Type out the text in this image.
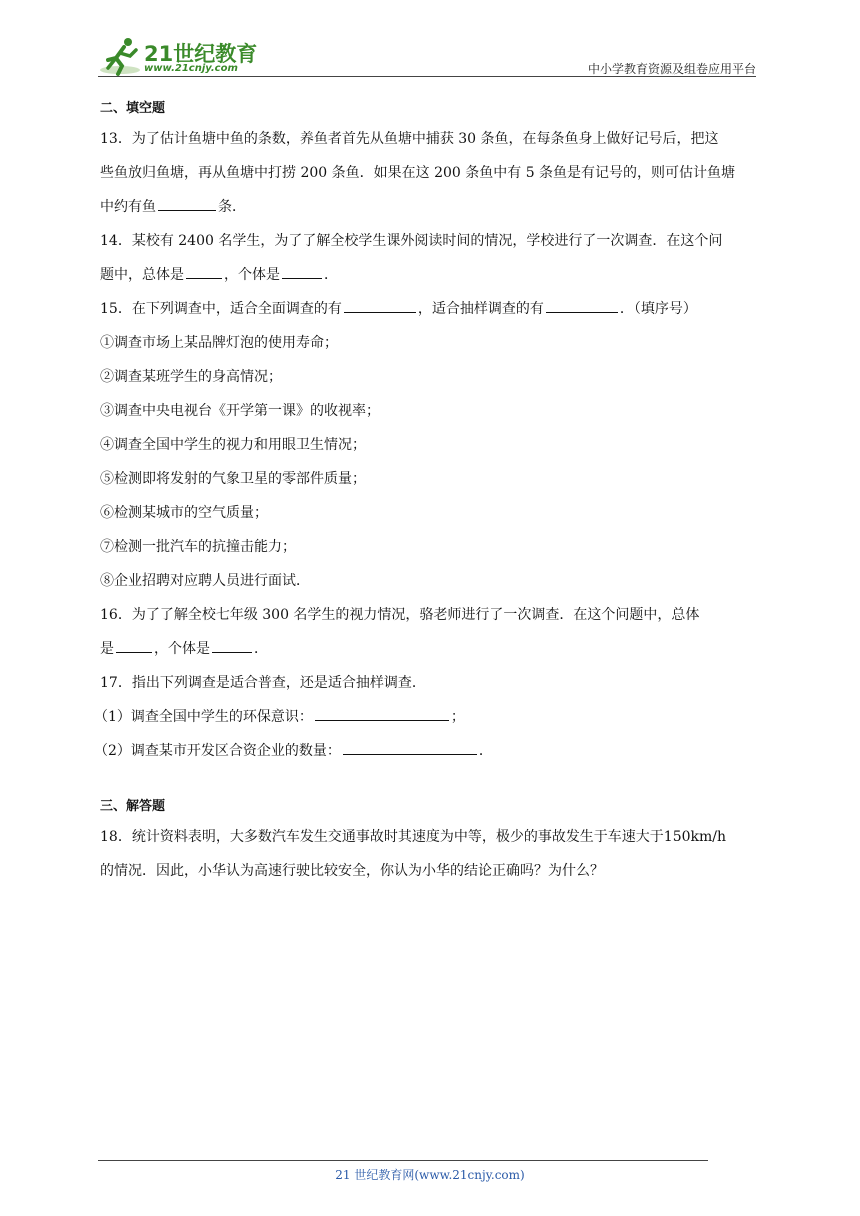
21世纪教育
www.21cnjy.com	中小学教育资源及组卷应用平台

二、填空题

13．为了估计鱼塘中鱼的条数，养鱼者首先从鱼塘中捕获 30 条鱼，在每条鱼身上做好记号后，把这

些鱼放归鱼塘，再从鱼塘中打捞 200 条鱼．如果在这 200 条鱼中有 5 条鱼是有记号的，则可估计鱼塘

中约有鱼	条．

14．某校有 2400 名学生，为了了解全校学生课外阅读时间的情况，学校进行了一次调查．在这个问

题中，总体是	，个体是	．

15．在下列调查中，适合全面调查的有	，适合抽样调查的有	．（填序号）

①调查市场上某品牌灯泡的使用寿命；

②调查某班学生的身高情况；

③调查中央电视台《开学第一课》的收视率；

④调查全国中学生的视力和用眼卫生情况；

⑤检测即将发射的气象卫星的零部件质量；

⑥检测某城市的空气质量；

⑦检测一批汽车的抗撞击能力；

⑧企业招聘对应聘人员进行面试．

16．为了了解全校七年级 300 名学生的视力情况，骆老师进行了一次调查．在这个问题中，总体

是	，个体是	．

17．指出下列调查是适合普查，还是适合抽样调查．

（1）调查全国中学生的环保意识：	；

（2）调查某市开发区合资企业的数量：	．

三、解答题

18．统计资料表明，大多数汽车发生交通事故时其速度为中等，极少的事故发生于车速大于150km/h

的情况．因此，小华认为高速行驶比较安全，你认为小华的结论正确吗？为什么？

21 世纪教育网(www.21cnjy.com)
